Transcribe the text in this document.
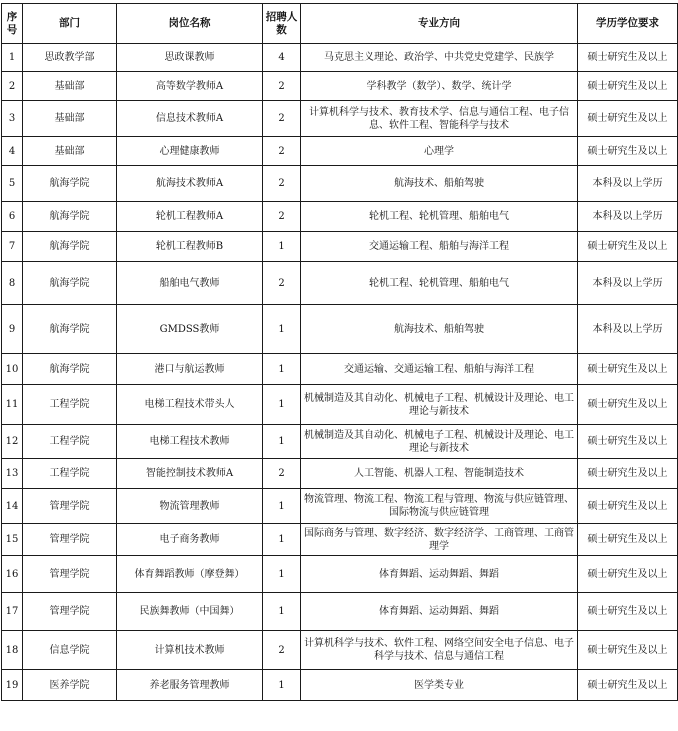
序号	部门	岗位名称	招聘人数	专业方向	学历学位要求
1	思政教学部	思政课教师	4	马克思主义理论、政治学、中共党史党建学、民族学	硕士研究生及以上
2	基础部	高等数学教师A	2	学科教学（数学）、数学、统计学	硕士研究生及以上
3	基础部	信息技术教师A	2	计算机科学与技术、教育技术学、信息与通信工程、电子信息、软件工程、智能科学与技术	硕士研究生及以上
4	基础部	心理健康教师	2	心理学	硕士研究生及以上
5	航海学院	航海技术教师A	2	航海技术、船舶驾驶	本科及以上学历
6	航海学院	轮机工程教师A	2	轮机工程、轮机管理、船舶电气	本科及以上学历
7	航海学院	轮机工程教师B	1	交通运输工程、船舶与海洋工程	硕士研究生及以上
8	航海学院	船舶电气教师	2	轮机工程、轮机管理、船舶电气	本科及以上学历
9	航海学院	GMDSS教师	1	航海技术、船舶驾驶	本科及以上学历
10	航海学院	港口与航运教师	1	交通运输、交通运输工程、船舶与海洋工程	硕士研究生及以上
11	工程学院	电梯工程技术带头人	1	机械制造及其自动化、机械电子工程、机械设计及理论、电工理论与新技术	硕士研究生及以上
12	工程学院	电梯工程技术教师	1	机械制造及其自动化、机械电子工程、机械设计及理论、电工理论与新技术	硕士研究生及以上
13	工程学院	智能控制技术教师A	2	人工智能、机器人工程、智能制造技术	硕士研究生及以上
14	管理学院	物流管理教师	1	物流管理、物流工程、物流工程与管理、物流与供应链管理、国际物流与供应链管理	硕士研究生及以上
15	管理学院	电子商务教师	1	国际商务与管理、数字经济、数字经济学、工商管理、工商管理学	硕士研究生及以上
16	管理学院	体育舞蹈教师（摩登舞）	1	体育舞蹈、运动舞蹈、舞蹈	硕士研究生及以上
17	管理学院	民族舞教师（中国舞）	1	体育舞蹈、运动舞蹈、舞蹈	硕士研究生及以上
18	信息学院	计算机技术教师	2	计算机科学与技术、软件工程、网络空间安全电子信息、电子科学与技术、信息与通信工程	硕士研究生及以上
19	医养学院	养老服务管理教师	1	医学类专业	硕士研究生及以上
